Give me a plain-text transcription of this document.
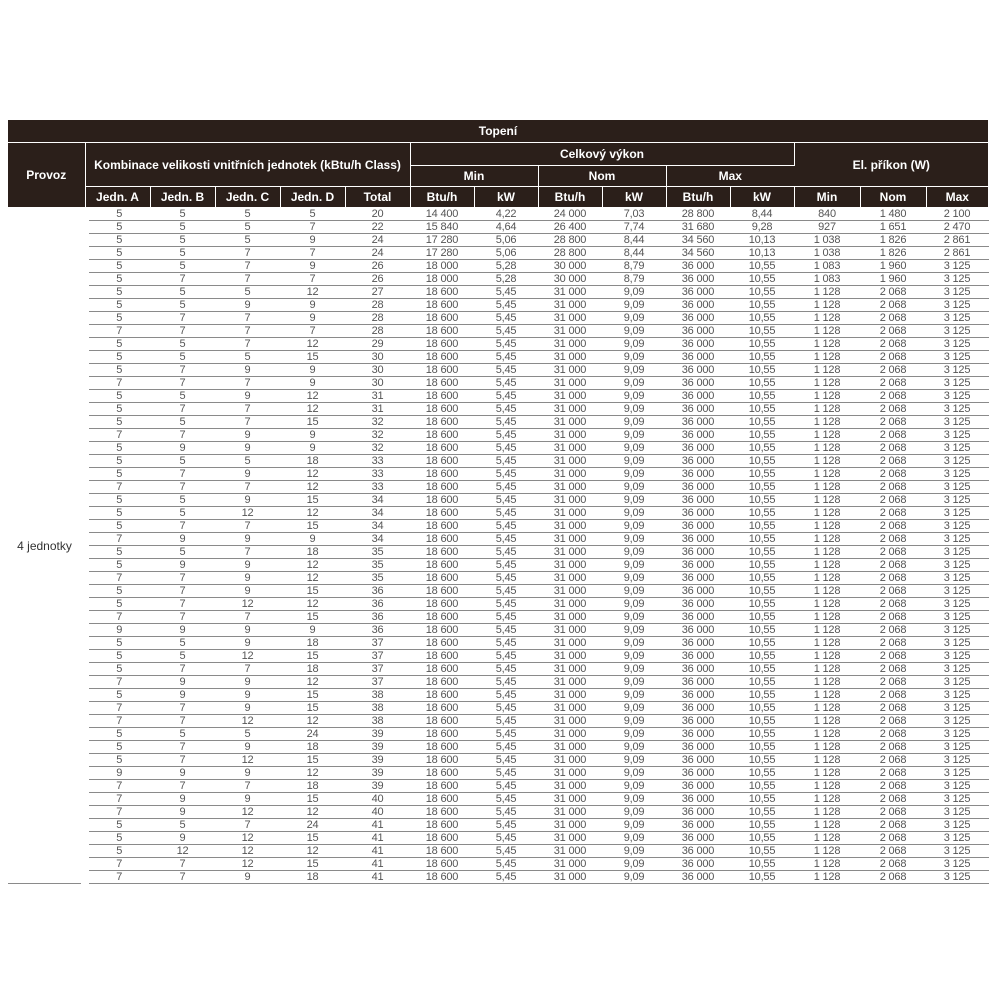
Topení														
Provoz	Kombinace velikosti vnitřních jednotek (kBtu/h Class)					Celkový výkon						El. příkon (W)		
						Min		Nom		Max				
	Jedn. A	Jedn. B	Jedn. C	Jedn. D	Total	Btu/h	kW	Btu/h	kW	Btu/h	kW	Min	Nom	Max
4 jednotky	5	5	5	5	20	14 400	4,22	24 000	7,03	28 800	8,44	840	1 480	2 100
	5	5	5	7	22	15 840	4,64	26 400	7,74	31 680	9,28	927	1 651	2 470
	5	5	5	9	24	17 280	5,06	28 800	8,44	34 560	10,13	1 038	1 826	2 861
	5	5	7	7	24	17 280	5,06	28 800	8,44	34 560	10,13	1 038	1 826	2 861
	5	5	7	9	26	18 000	5,28	30 000	8,79	36 000	10,55	1 083	1 960	3 125
	5	7	7	7	26	18 000	5,28	30 000	8,79	36 000	10,55	1 083	1 960	3 125
	5	5	5	12	27	18 600	5,45	31 000	9,09	36 000	10,55	1 128	2 068	3 125
	5	5	9	9	28	18 600	5,45	31 000	9,09	36 000	10,55	1 128	2 068	3 125
	5	7	7	9	28	18 600	5,45	31 000	9,09	36 000	10,55	1 128	2 068	3 125
	7	7	7	7	28	18 600	5,45	31 000	9,09	36 000	10,55	1 128	2 068	3 125
	5	5	7	12	29	18 600	5,45	31 000	9,09	36 000	10,55	1 128	2 068	3 125
	5	5	5	15	30	18 600	5,45	31 000	9,09	36 000	10,55	1 128	2 068	3 125
	5	7	9	9	30	18 600	5,45	31 000	9,09	36 000	10,55	1 128	2 068	3 125
	7	7	7	9	30	18 600	5,45	31 000	9,09	36 000	10,55	1 128	2 068	3 125
	5	5	9	12	31	18 600	5,45	31 000	9,09	36 000	10,55	1 128	2 068	3 125
	5	7	7	12	31	18 600	5,45	31 000	9,09	36 000	10,55	1 128	2 068	3 125
	5	5	7	15	32	18 600	5,45	31 000	9,09	36 000	10,55	1 128	2 068	3 125
	7	7	9	9	32	18 600	5,45	31 000	9,09	36 000	10,55	1 128	2 068	3 125
	5	9	9	9	32	18 600	5,45	31 000	9,09	36 000	10,55	1 128	2 068	3 125
	5	5	5	18	33	18 600	5,45	31 000	9,09	36 000	10,55	1 128	2 068	3 125
	5	7	9	12	33	18 600	5,45	31 000	9,09	36 000	10,55	1 128	2 068	3 125
	7	7	7	12	33	18 600	5,45	31 000	9,09	36 000	10,55	1 128	2 068	3 125
	5	5	9	15	34	18 600	5,45	31 000	9,09	36 000	10,55	1 128	2 068	3 125
	5	5	12	12	34	18 600	5,45	31 000	9,09	36 000	10,55	1 128	2 068	3 125
	5	7	7	15	34	18 600	5,45	31 000	9,09	36 000	10,55	1 128	2 068	3 125
	7	9	9	9	34	18 600	5,45	31 000	9,09	36 000	10,55	1 128	2 068	3 125
	5	5	7	18	35	18 600	5,45	31 000	9,09	36 000	10,55	1 128	2 068	3 125
	5	9	9	12	35	18 600	5,45	31 000	9,09	36 000	10,55	1 128	2 068	3 125
	7	7	9	12	35	18 600	5,45	31 000	9,09	36 000	10,55	1 128	2 068	3 125
	5	7	9	15	36	18 600	5,45	31 000	9,09	36 000	10,55	1 128	2 068	3 125
	5	7	12	12	36	18 600	5,45	31 000	9,09	36 000	10,55	1 128	2 068	3 125
	7	7	7	15	36	18 600	5,45	31 000	9,09	36 000	10,55	1 128	2 068	3 125
	9	9	9	9	36	18 600	5,45	31 000	9,09	36 000	10,55	1 128	2 068	3 125
	5	5	9	18	37	18 600	5,45	31 000	9,09	36 000	10,55	1 128	2 068	3 125
	5	5	12	15	37	18 600	5,45	31 000	9,09	36 000	10,55	1 128	2 068	3 125
	5	7	7	18	37	18 600	5,45	31 000	9,09	36 000	10,55	1 128	2 068	3 125
	7	9	9	12	37	18 600	5,45	31 000	9,09	36 000	10,55	1 128	2 068	3 125
	5	9	9	15	38	18 600	5,45	31 000	9,09	36 000	10,55	1 128	2 068	3 125
	7	7	9	15	38	18 600	5,45	31 000	9,09	36 000	10,55	1 128	2 068	3 125
	7	7	12	12	38	18 600	5,45	31 000	9,09	36 000	10,55	1 128	2 068	3 125
	5	5	5	24	39	18 600	5,45	31 000	9,09	36 000	10,55	1 128	2 068	3 125
	5	7	9	18	39	18 600	5,45	31 000	9,09	36 000	10,55	1 128	2 068	3 125
	5	7	12	15	39	18 600	5,45	31 000	9,09	36 000	10,55	1 128	2 068	3 125
	9	9	9	12	39	18 600	5,45	31 000	9,09	36 000	10,55	1 128	2 068	3 125
	7	7	7	18	39	18 600	5,45	31 000	9,09	36 000	10,55	1 128	2 068	3 125
	7	9	9	15	40	18 600	5,45	31 000	9,09	36 000	10,55	1 128	2 068	3 125
	7	9	12	12	40	18 600	5,45	31 000	9,09	36 000	10,55	1 128	2 068	3 125
	5	5	7	24	41	18 600	5,45	31 000	9,09	36 000	10,55	1 128	2 068	3 125
	5	9	12	15	41	18 600	5,45	31 000	9,09	36 000	10,55	1 128	2 068	3 125
	5	12	12	12	41	18 600	5,45	31 000	9,09	36 000	10,55	1 128	2 068	3 125
	7	7	12	15	41	18 600	5,45	31 000	9,09	36 000	10,55	1 128	2 068	3 125
	7	7	9	18	41	18 600	5,45	31 000	9,09	36 000	10,55	1 128	2 068	3 125
